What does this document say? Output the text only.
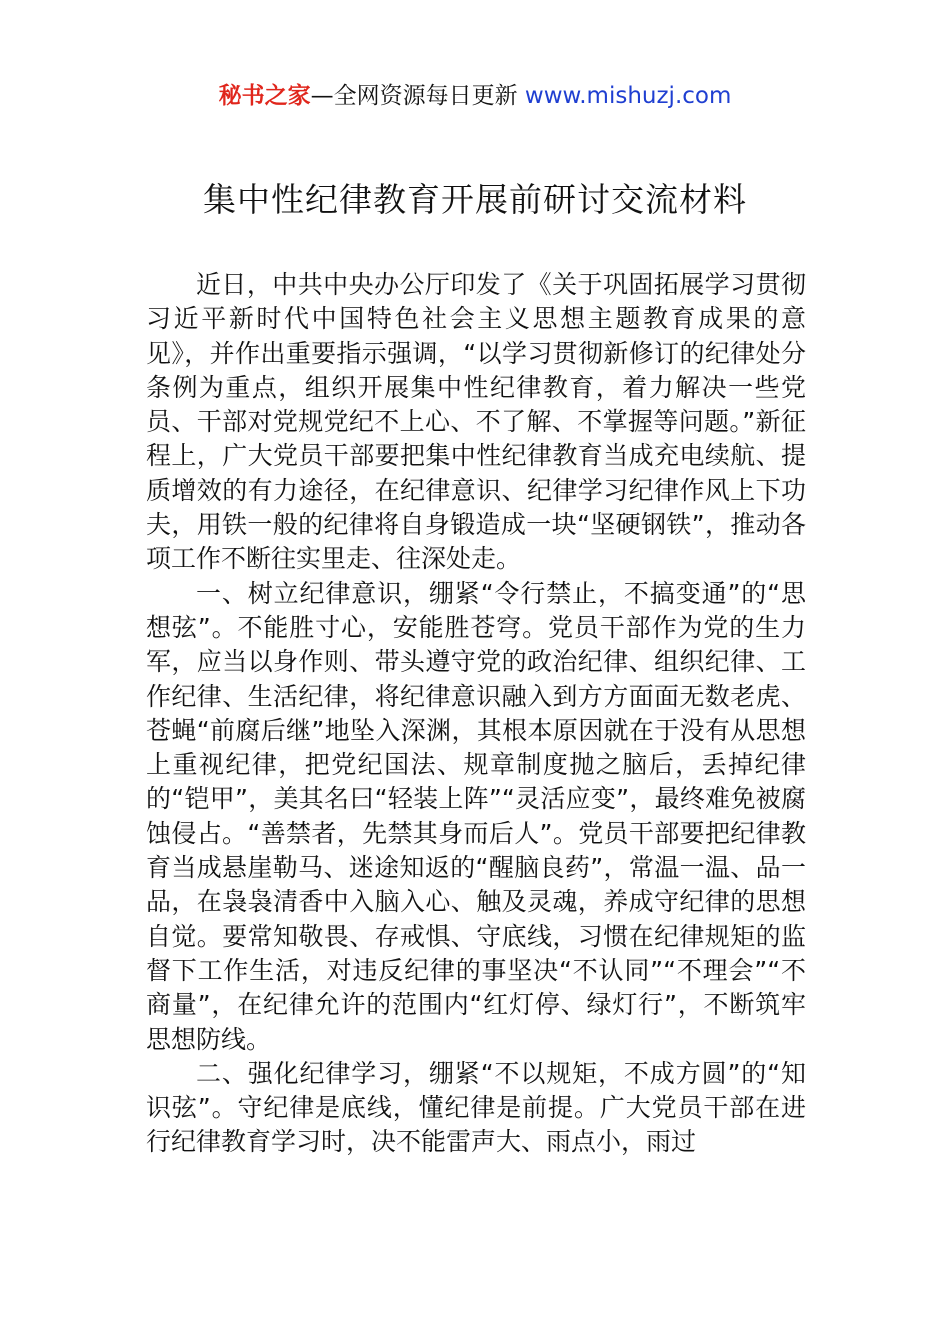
秘书之家—全网资源每日更新 www.mishuzj.com
集中性纪律教育开展前研讨交流材料

近日，中共中央办公厅印发了《关于巩固拓展学习贯彻习近平新时代中国特色社会主义思想主题教育成果的意见》，并作出重要指示强调，“以学习贯彻新修订的纪律处分条例为重点，组织开展集中性纪律教育，着力解决一些党员、干部对党规党纪不上心、不了解、不掌握等问题。”新征程上，广大党员干部要把集中性纪律教育当成充电续航、提质增效的有力途径，在纪律意识、纪律学习纪律作风上下功夫，用铁一般的纪律将自身锻造成一块“坚硬钢铁”，推动各项工作不断往实里走、往深处走。

一、树立纪律意识，绷紧“令行禁止，不搞变通”的“思想弦”。不能胜寸心，安能胜苍穹。党员干部作为党的生力军，应当以身作则、带头遵守党的政治纪律、组织纪律、工作纪律、生活纪律，将纪律意识融入到方方面面无数老虎、苍蝇“前腐后继”地坠入深渊，其根本原因就在于没有从思想上重视纪律，把党纪国法、规章制度抛之脑后，丢掉纪律的“铠甲”，美其名曰“轻装上阵”“灵活应变”，最终难免被腐蚀侵占。“善禁者，先禁其身而后人”。党员干部要把纪律教育当成悬崖勒马、迷途知返的“醒脑良药”，常温一温、品一品，在袅袅清香中入脑入心、触及灵魂，养成守纪律的思想自觉。要常知敬畏、存戒惧、守底线，习惯在纪律规矩的监督下工作生活，对违反纪律的事坚决“不认同”“不理会”“不商量”，在纪律允许的范围内“红灯停、绿灯行”，不断筑牢思想防线。

二、强化纪律学习，绷紧“不以规矩，不成方圆”的“知识弦”。守纪律是底线，懂纪律是前提。广大党员干部在进行纪律教育学习时，决不能雷声大、雨点小，雨过
